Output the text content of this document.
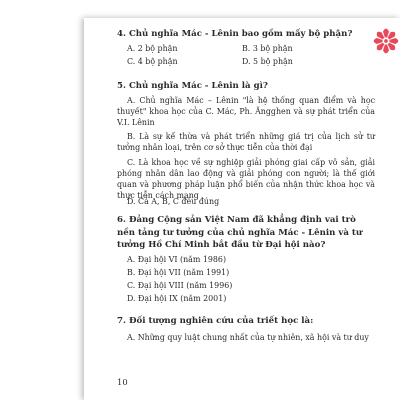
4. Chủ nghĩa Mác - Lênin bao gồm mấy bộ phận?
A. 2 bộ phận	B. 3 bộ phận
C. 4 bộ phận	D. 5 bộ phận
5. Chủ nghĩa Mác - Lênin là gì?
A. Chủ nghĩa Mác – Lênin "là hệ thống quan điểm và học thuyết" khoa học của C. Mác, Ph. Ăngghen và sự phát triển của V.I. Lênin
B. Là sự kế thừa và phát triển những giá trị của lịch sử tư tưởng nhân loại, trên cơ sở thực tiễn của thời đại
C. Là khoa học về sự nghiệp giải phóng giai cấp vô sản, giải phóng nhân dân lao động và giải phóng con người; là thế giới quan và phương pháp luận phổ biến của nhận thức khoa học và thực tiễn cách mạng
D. Cả A, B, C đều đúng
6. Đảng Cộng sản Việt Nam đã khẳng định vai trò nền tảng tư tưởng của chủ nghĩa Mác - Lênin và tư tưởng Hồ Chí Minh bắt đầu từ Đại hội nào?
A. Đại hội VI (năm 1986)
B. Đại hội VII (năm 1991)
C. Đại hội VIII (năm 1996)
D. Đại hội IX (năm 2001)
7. Đối tượng nghiên cứu của triết học là:
A. Những quy luật chung nhất của tự nhiên, xã hội và tư duy
10
